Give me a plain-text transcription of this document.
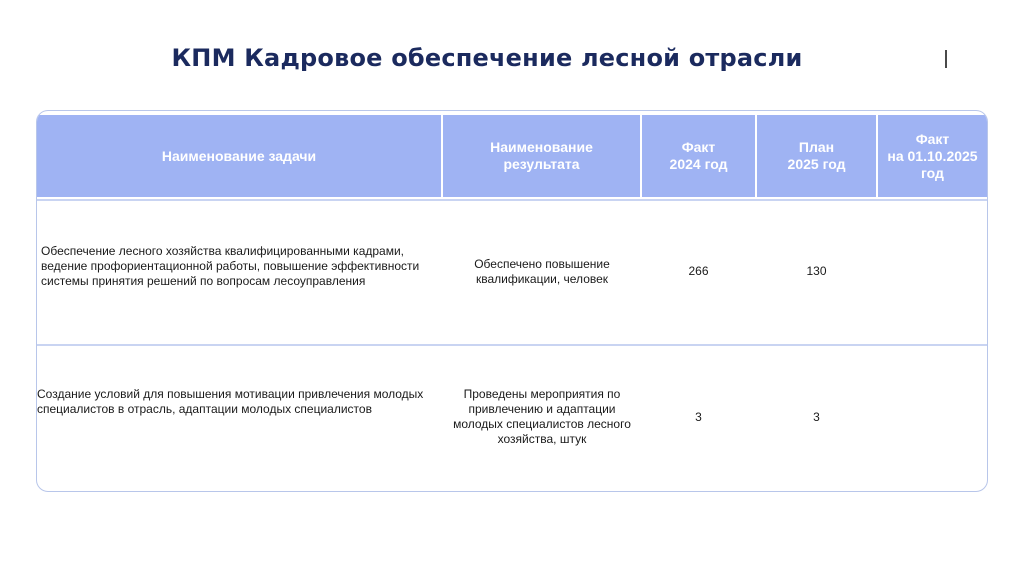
КПМ Кадровое обеспечение лесной отрасли
Наименование задачи
Наименование
результата
Факт
2024 год
План
2025 год
Факт
на 01.10.2025
год
Обеспечение лесного хозяйства квалифицированными кадрами, ведение профориентационной работы, повышение эффективности системы принятия решений по вопросам лесоуправления
Обеспечено повышение квалификации, человек
266	130
Создание условий для повышения мотивации привлечения молодых специалистов в отрасль, адаптации молодых специалистов
Проведены мероприятия по привлечению и адаптации молодых специалистов лесного хозяйства, штук
3	3
